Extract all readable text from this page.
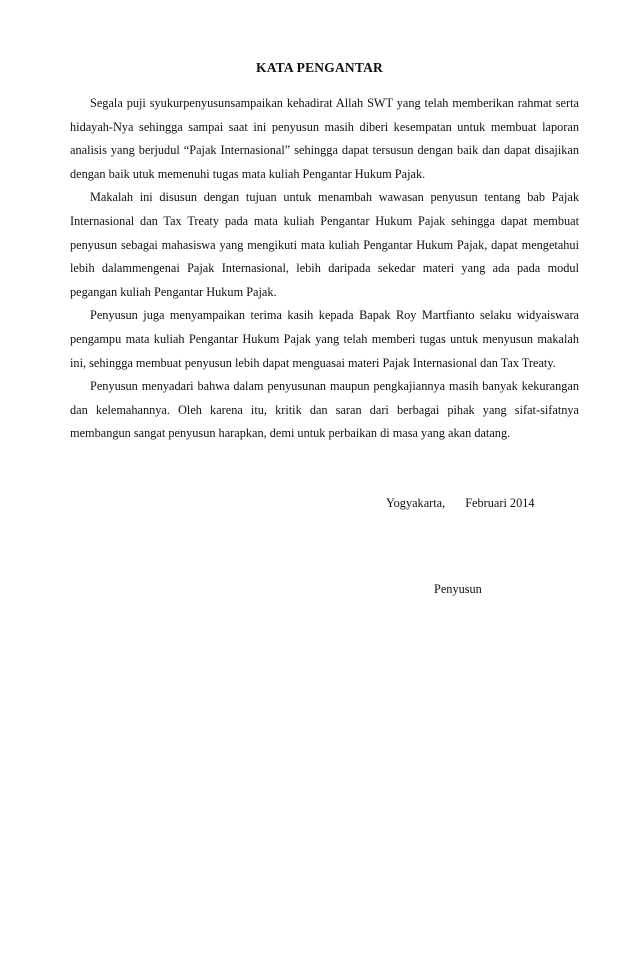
KATA PENGANTAR

Segala puji syukurpenyusunsampaikan kehadirat Allah SWT yang telah memberikan rahmat serta hidayah-Nya sehingga sampai saat ini penyusun masih diberi kesempatan untuk membuat laporan analisis yang berjudul “Pajak Internasional” sehingga dapat tersusun dengan baik dan dapat disajikan dengan baik utuk memenuhi tugas mata kuliah Pengantar Hukum Pajak.

Makalah ini disusun dengan tujuan untuk menambah wawasan penyusun tentang bab Pajak Internasional dan Tax Treaty pada mata kuliah Pengantar Hukum Pajak sehingga dapat membuat penyusun sebagai mahasiswa yang mengikuti mata kuliah Pengantar Hukum Pajak, dapat mengetahui lebih dalammengenai Pajak Internasional, lebih daripada sekedar materi yang ada pada modul pegangan kuliah Pengantar Hukum Pajak.

Penyusun juga menyampaikan terima kasih kepada Bapak Roy Martfianto selaku widyaiswara pengampu mata kuliah Pengantar Hukum Pajak yang telah memberi tugas untuk menyusun makalah ini, sehingga membuat penyusun lebih dapat menguasai materi Pajak Internasional dan Tax Treaty.

Penyusun menyadari bahwa dalam penyusunan maupun pengkajiannya masih banyak kekurangan dan kelemahannya. Oleh karena itu, kritik dan saran dari berbagai pihak yang sifat-sifatnya membangun sangat penyusun harapkan, demi untuk perbaikan di masa yang akan datang.

Yogyakarta, Februari 2014
Penyusun
